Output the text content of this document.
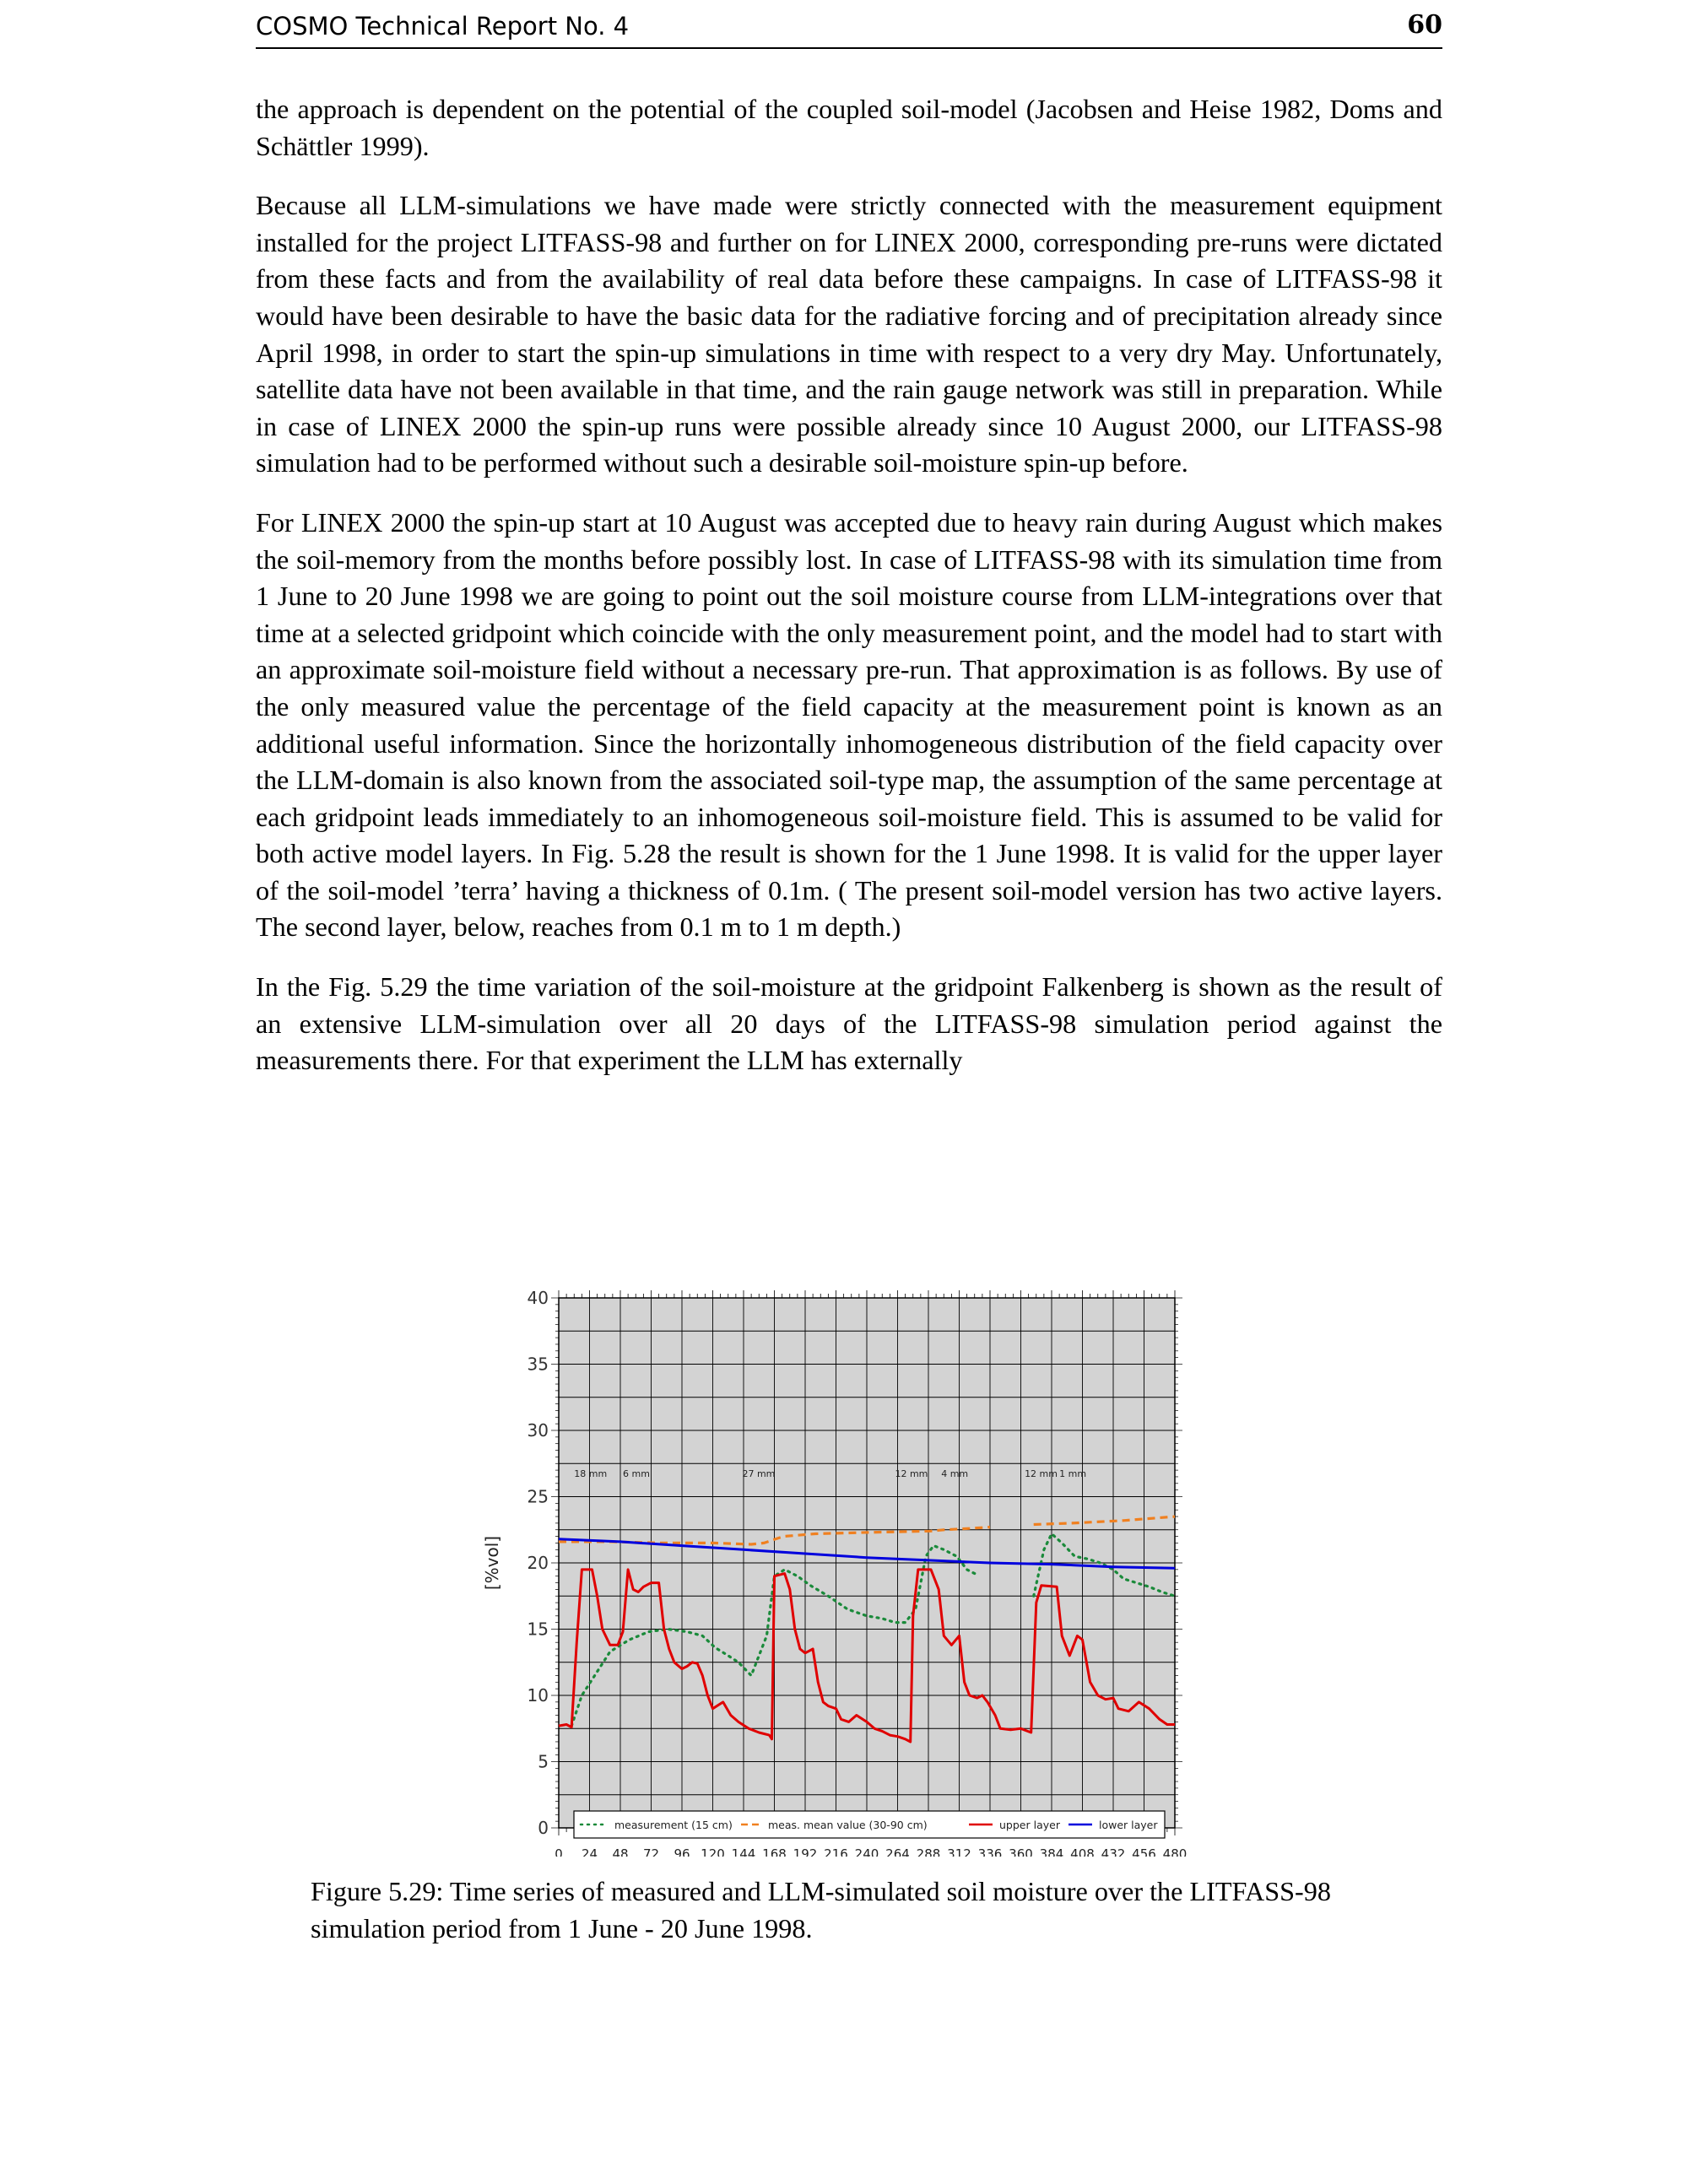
COSMO Technical Report No. 4	60

the approach is dependent on the potential of the coupled soil-model (Jacobsen and Heise 1982, Doms and Schättler 1999).

Because all LLM-simulations we have made were strictly connected with the measurement equipment installed for the project LITFASS-98 and further on for LINEX 2000, corresponding pre-runs were dictated from these facts and from the availability of real data before these campaigns. In case of LITFASS-98 it would have been desirable to have the basic data for the radiative forcing and of precipitation already since April 1998, in order to start the spin-up simulations in time with respect to a very dry May. Unfortunately, satellite data have not been available in that time, and the rain gauge network was still in preparation. While in case of LINEX 2000 the spin-up runs were possible already since 10 August 2000, our LITFASS-98 simulation had to be performed without such a desirable soil-moisture spin-up before.

For LINEX 2000 the spin-up start at 10 August was accepted due to heavy rain during August which makes the soil-memory from the months before possibly lost. In case of LITFASS-98 with its simulation time from 1 June to 20 June 1998 we are going to point out the soil moisture course from LLM-integrations over that time at a selected gridpoint which coincide with the only measurement point, and the model had to start with an approximate soil-moisture field without a necessary pre-run. That approximation is as follows. By use of the only measured value the percentage of the field capacity at the measurement point is known as an additional useful information. Since the horizontally inhomogeneous distribution of the field capacity over the LLM-domain is also known from the associated soil-type map, the assumption of the same percentage at each gridpoint leads immediately to an inhomogeneous soil-moisture field. This is assumed to be valid for both active model layers. In Fig. 5.28 the result is shown for the 1 June 1998. It is valid for the upper layer of the soil-model ’terra’ having a thickness of 0.1m. ( The present soil-model version has two active layers. The second layer, below, reaches from 0.1 m to 1 m depth.)

In the Fig. 5.29 the time variation of the soil-moisture at the gridpoint Falkenberg is shown as the result of an extensive LLM-simulation over all 20 days of the LITFASS-98 simulation period against the measurements there. For that experiment the LLM has externally

18 mm 6 mm	27 mm	12 mm 4 mm	12 mm 1 mm
0 24 48 72 96 120 144 168 192 216 240 264 288 312 336 360 384 408 432 456 480
0
5
10
15
20
25
30
35
40
[%vol]
measurement (15 cm)	meas. mean value (30-90 cm)	upper layer	lower layer
Figure 5.29: Time series of measured and LLM-simulated soil moisture over the LITFASS-98 simulation period from 1 June - 20 June 1998.
